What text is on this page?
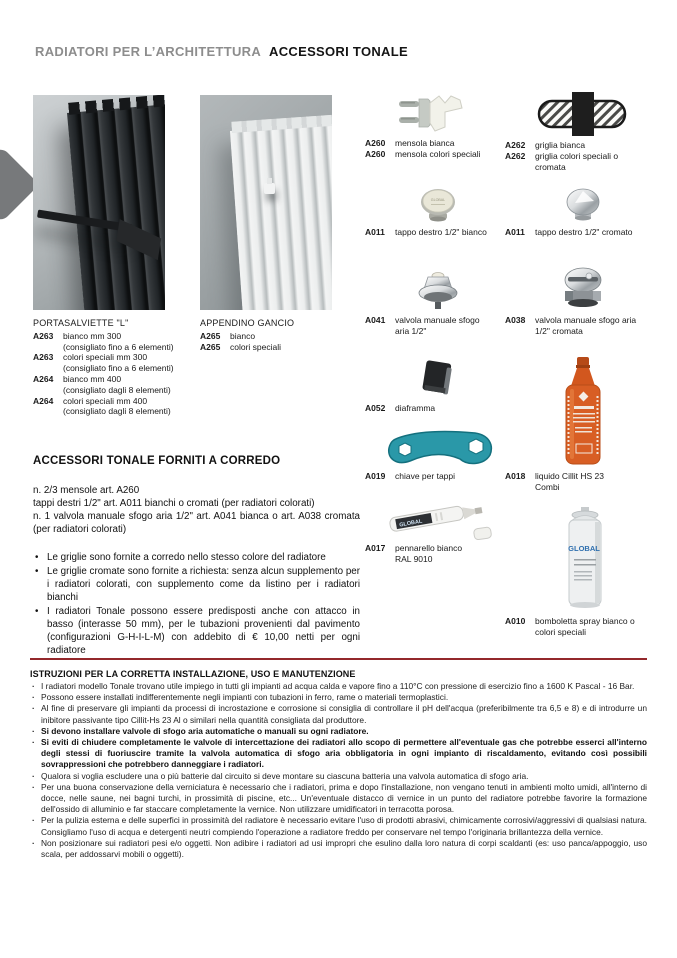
RADIATORI PER L’ARCHITETTURA ACCESSORI TONALE
PORTASALVIETTE "L"
A263	bianco mm 300
(consigliato fino a 6 elementi)
A263	colori speciali mm 300
(consigliato fino a 6 elementi)
A264	bianco mm 400
(consigliato dagli 8 elementi)
A264	colori speciali mm 400
(consigliato dagli 8 elementi)
APPENDINO GANCIO
A265	bianco
A265	colori speciali
A260	mensola bianca
A260	mensola colori speciali
A262	griglia bianca
A262	griglia colori speciali o cromata
GLOBAL
A011	tappo destro 1/2" bianco	A011	tappo destro 1/2" cromato
A041	valvola manuale sfogo aria 1/2"
A038	valvola manuale sfogo aria 1/2" cromata
A052	diaframma
A019	chiave per tappi	A018	liquido Cillit HS 23 Combi
GLOBAL
A017	pennarello bianco RAL 9010
GLOBAL
A010	bomboletta spray bianco o colori speciali
ACCESSORI TONALE FORNITI A CORREDO
n. 2/3 mensole art. A260
tappi destri 1/2" art. A011 bianchi o cromati (per radiatori colorati)
n. 1 valvola manuale sfogo aria 1/2" art. A041 bianca o art. A038 cromata (per radiatori colorati)
• Le griglie sono fornite a corredo nello stesso colore del radiatore
• Le griglie cromate sono fornite a richiesta: senza alcun supplemento per i radiatori colorati, con supplemento come da listino per i radiatori bianchi
• I radiatori Tonale possono essere predisposti anche con attacco in basso (interasse 50 mm), per le tubazioni provenienti dal pavimento (configurazioni G-H-I-L-M) con addebito di € 10,00 netti per ogni radiatore
ISTRUZIONI PER LA CORRETTA INSTALLAZIONE, USO E MANUTENZIONE
· I radiatori modello Tonale trovano utile impiego in tutti gli impianti ad acqua calda e vapore fino a 110°C con pressione di esercizio fino a 1600 K Pascal - 16 Bar.
· Possono essere installati indifferentemente negli impianti con tubazioni in ferro, rame o materiali termoplastici.
· Al fine di preservare gli impianti da processi di incrostazione e corrosione si consiglia di controllare il pH dell'acqua (preferibilmente tra 6,5 e 8) e di introdurre un inibitore passivante tipo Cillit-Hs 23 Al o similari nella quantità consigliata dal produttore.
· Si devono installare valvole di sfogo aria automatiche o manuali su ogni radiatore.
· Si eviti di chiudere completamente le valvole di intercettazione dei radiatori allo scopo di permettere all'eventuale gas che potrebbe esserci all'interno degli stessi di fuoriuscire tramite la valvola automatica di sfogo aria obbligatoria in ogni impianto di riscaldamento, evitando così possibili sovrappressioni che potrebbero danneggiare i radiatori.
· Qualora si voglia escludere una o più batterie dal circuito si deve montare su ciascuna batteria una valvola automatica di sfogo aria.
· Per una buona conservazione della verniciatura è necessario che i radiatori, prima e dopo l'installazione, non vengano tenuti in ambienti molto umidi, all'interno di docce, nelle saune, nei bagni turchi, in prossimità di piscine, etc... Un'eventuale distacco di vernice in un punto del radiatore potrebbe favorire la formazione dell'ossido di alluminio e far staccare completamente la vernice. Non utilizzare umidificatori in terracotta porosa.
· Per la pulizia esterna e delle superfici in prossimità del radiatore è necessario evitare l'uso di prodotti abrasivi, chimicamente corrosivi/aggressivi di qualsiasi natura. Consigliamo l'uso di acqua e detergenti neutri compiendo l'operazione a radiatore freddo per conservare nel tempo l'originaria brillantezza della vernice.
· Non posizionare sui radiatori pesi e/o oggetti. Non adibire i radiatori ad usi impropri che esulino dalla loro natura di corpi scaldanti (es: uso panca/appoggio, uso scala, per addossarvi mobili o oggetti).
